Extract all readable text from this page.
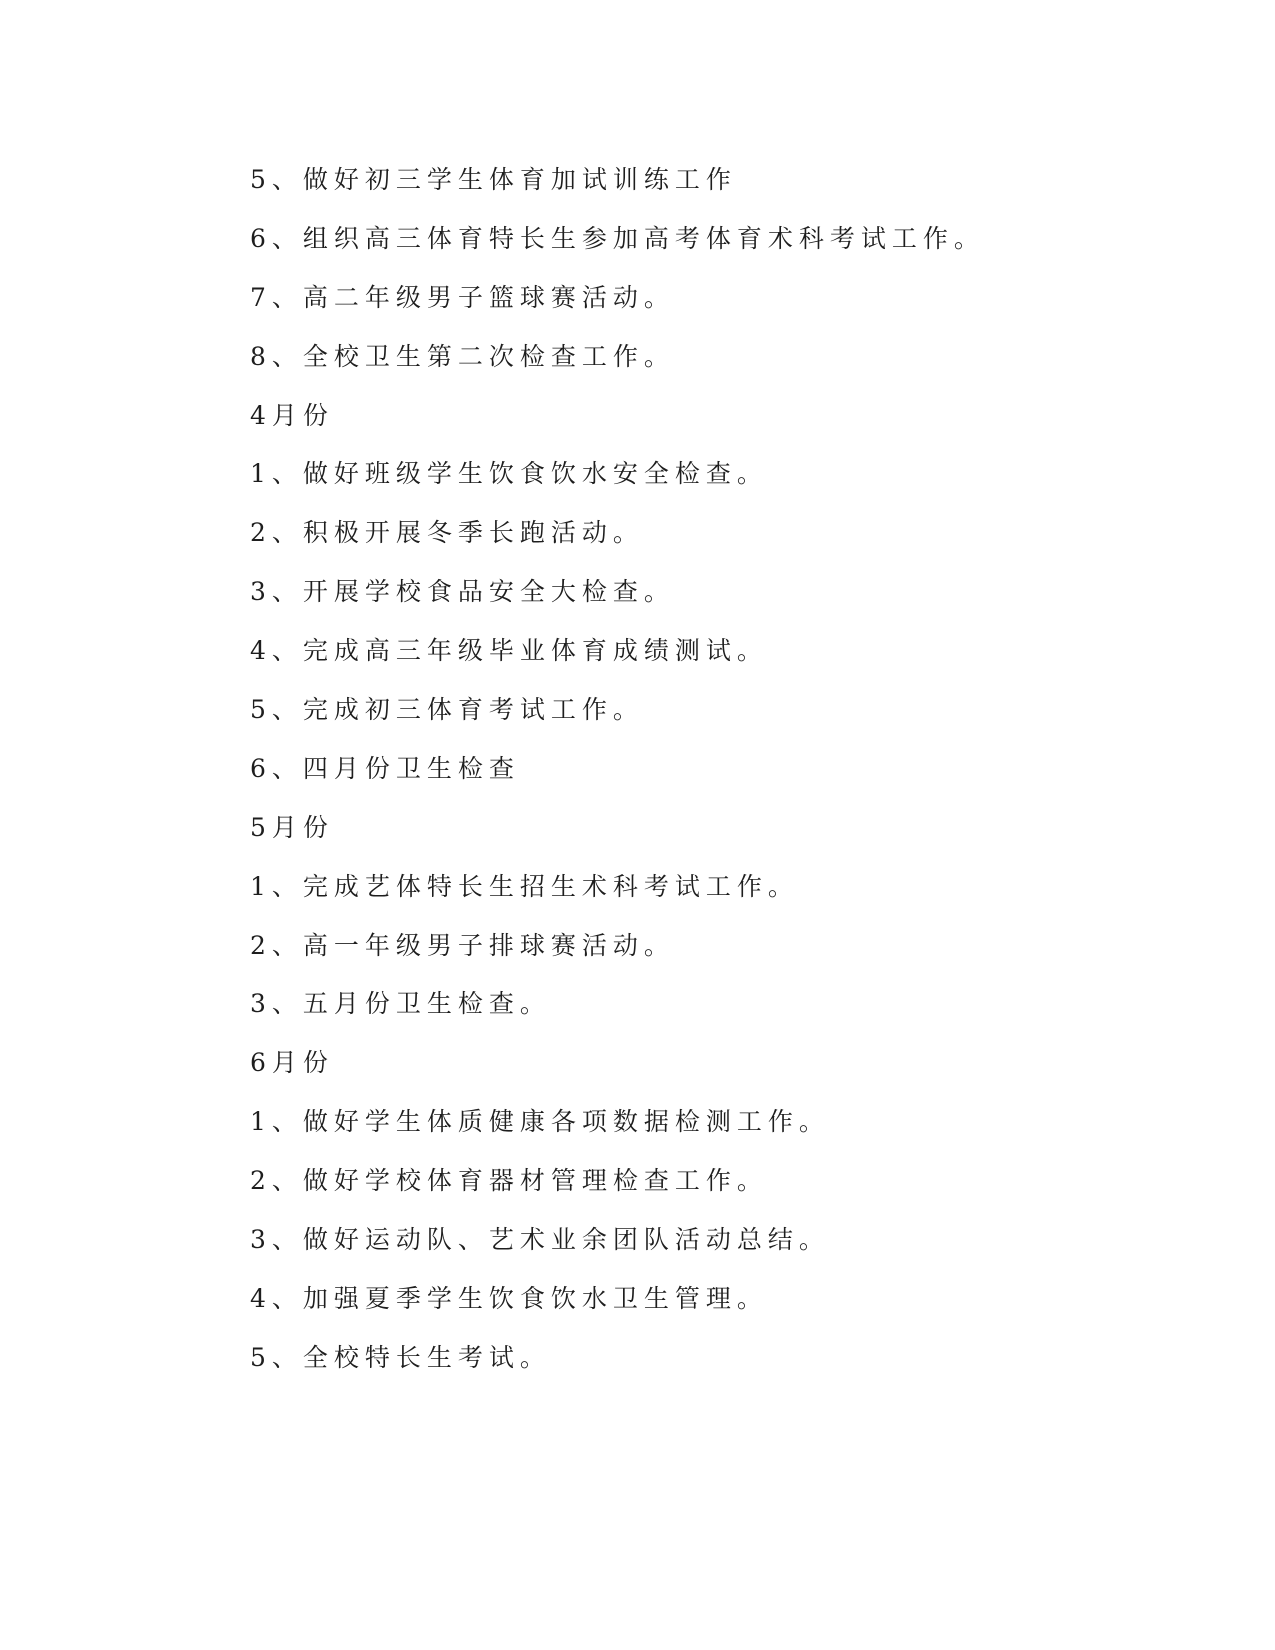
5、做好初三学生体育加试训练工作
6、组织高三体育特长生参加高考体育术科考试工作。
7、高二年级男子篮球赛活动。
8、全校卫生第二次检查工作。
4月份
1、做好班级学生饮食饮水安全检查。
2、积极开展冬季长跑活动。
3、开展学校食品安全大检查。
4、完成高三年级毕业体育成绩测试。
5、完成初三体育考试工作。
6、四月份卫生检查
5月份
1、完成艺体特长生招生术科考试工作。
2、高一年级男子排球赛活动。
3、五月份卫生检查。
6月份
1、做好学生体质健康各项数据检测工作。
2、做好学校体育器材管理检查工作。
3、做好运动队、艺术业余团队活动总结。
4、加强夏季学生饮食饮水卫生管理。
5、全校特长生考试。
